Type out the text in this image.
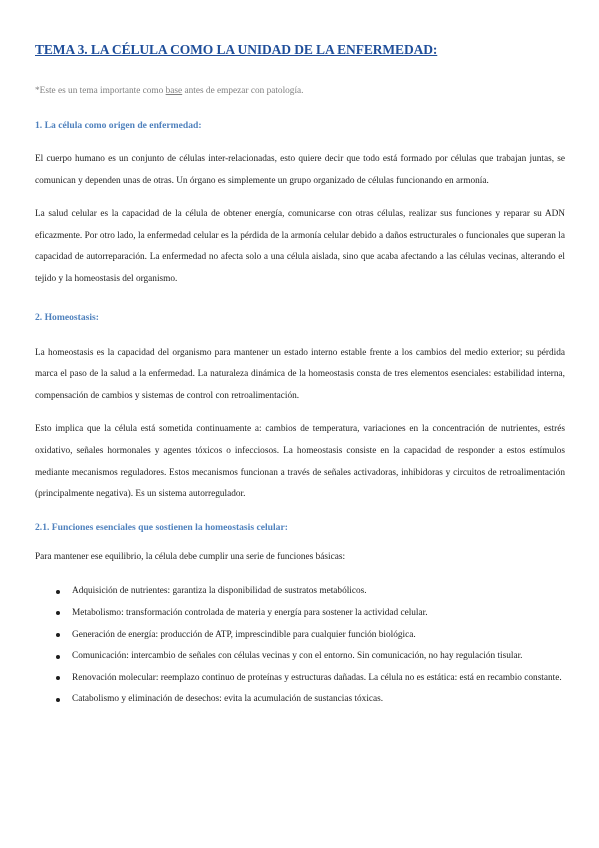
TEMA 3. LA CÉLULA COMO LA UNIDAD DE LA ENFERMEDAD:

*Este es un tema importante como base antes de empezar con patología.

1. La célula como origen de enfermedad:

El cuerpo humano es un conjunto de células inter-relacionadas, esto quiere decir que todo está formado por células que trabajan juntas, se comunican y dependen unas de otras. Un órgano es simplemente un grupo organizado de células funcionando en armonía.

La salud celular es la capacidad de la célula de obtener energía, comunicarse con otras células, realizar sus funciones y reparar su ADN eficazmente. Por otro lado, la enfermedad celular es la pérdida de la armonía celular debido a daños estructurales o funcionales que superan la capacidad de autorreparación. La enfermedad no afecta solo a una célula aislada, sino que acaba afectando a las células vecinas, alterando el tejido y la homeostasis del organismo.

2. Homeostasis:

La homeostasis es la capacidad del organismo para mantener un estado interno estable frente a los cambios del medio exterior; su pérdida marca el paso de la salud a la enfermedad. La naturaleza dinámica de la homeostasis consta de tres elementos esenciales: estabilidad interna, compensación de cambios y sistemas de control con retroalimentación.

Esto implica que la célula está sometida continuamente a: cambios de temperatura, variaciones en la concentración de nutrientes, estrés oxidativo, señales hormonales y agentes tóxicos o infecciosos. La homeostasis consiste en la capacidad de responder a estos estímulos mediante mecanismos reguladores. Estos mecanismos funcionan a través de señales activadoras, inhibidoras y circuitos de retroalimentación (principalmente negativa). Es un sistema autorregulador.

2.1. Funciones esenciales que sostienen la homeostasis celular:

Para mantener ese equilibrio, la célula debe cumplir una serie de funciones básicas:

Adquisición de nutrientes: garantiza la disponibilidad de sustratos metabólicos.
Metabolismo: transformación controlada de materia y energía para sostener la actividad celular.
Generación de energía: producción de ATP, imprescindible para cualquier función biológica.
Comunicación: intercambio de señales con células vecinas y con el entorno. Sin comunicación, no hay regulación tisular.
Renovación molecular: reemplazo continuo de proteínas y estructuras dañadas. La célula no es estática: está en recambio constante.
Catabolismo y eliminación de desechos: evita la acumulación de sustancias tóxicas.
